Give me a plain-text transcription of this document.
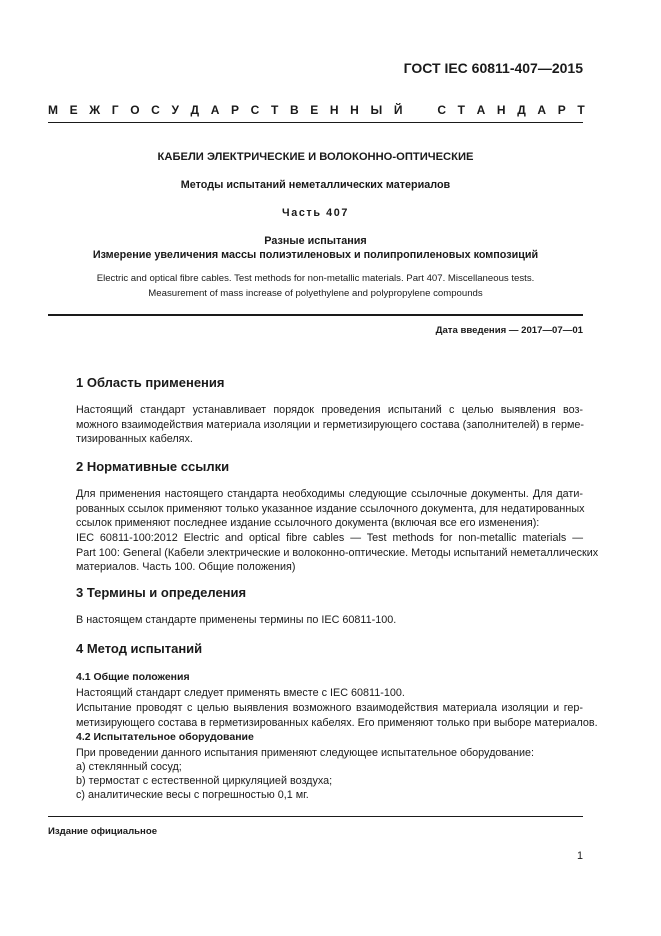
ГОСТ IEC 60811-407—2015
М Е Ж Г О С У Д А Р С Т В Е Н Н Ы Й	С Т А Н Д А Р Т
КАБЕЛИ ЭЛЕКТРИЧЕСКИЕ И ВОЛОКОННО-ОПТИЧЕСКИЕ
Методы испытаний неметаллических материалов
Часть 407
Разные испытания
Измерение увеличения массы полиэтиленовых и полипропиленовых композиций
Electric and optical fibre cables. Test methods for non-metallic materials. Part 407. Miscellaneous tests.
Measurement of mass increase of polyethylene and polypropylene compounds
Дата введения — 2017—07—01
1 Область применения
Настоящий стандарт устанавливает порядок проведения испытаний с целью выявления воз-
можного взаимодействия материала изоляции и герметизирующего состава (заполнителей) в герме-
тизированных кабелях.
2 Нормативные ссылки
Для применения настоящего стандарта необходимы следующие ссылочные документы. Для дати-
рованных ссылок применяют только указанное издание ссылочного документа, для недатированных
ссылок применяют последнее издание ссылочного документа (включая все его изменения):
IEC 60811-100:2012 Electric and optical fibre cables — Test methods for non-metallic materials —
Part 100: General (Кабели электрические и волоконно-оптические. Методы испытаний неметаллических
материалов. Часть 100. Общие положения)
3 Термины и определения
В настоящем стандарте применены термины по IEC 60811-100.
4 Метод испытаний
4.1 Общие положения
Настоящий стандарт следует применять вместе с IEC 60811-100.
Испытание проводят с целью выявления возможного взаимодействия материала изоляции и гер-
метизирующего состава в герметизированных кабелях. Его применяют только при выборе материалов.
4.2 Испытательное оборудование
При проведении данного испытания применяют следующее испытательное оборудование:
a) стеклянный сосуд;
b) термостат с естественной циркуляцией воздуха;
c) аналитические весы с погрешностью 0,1 мг.
Издание официальное
1
